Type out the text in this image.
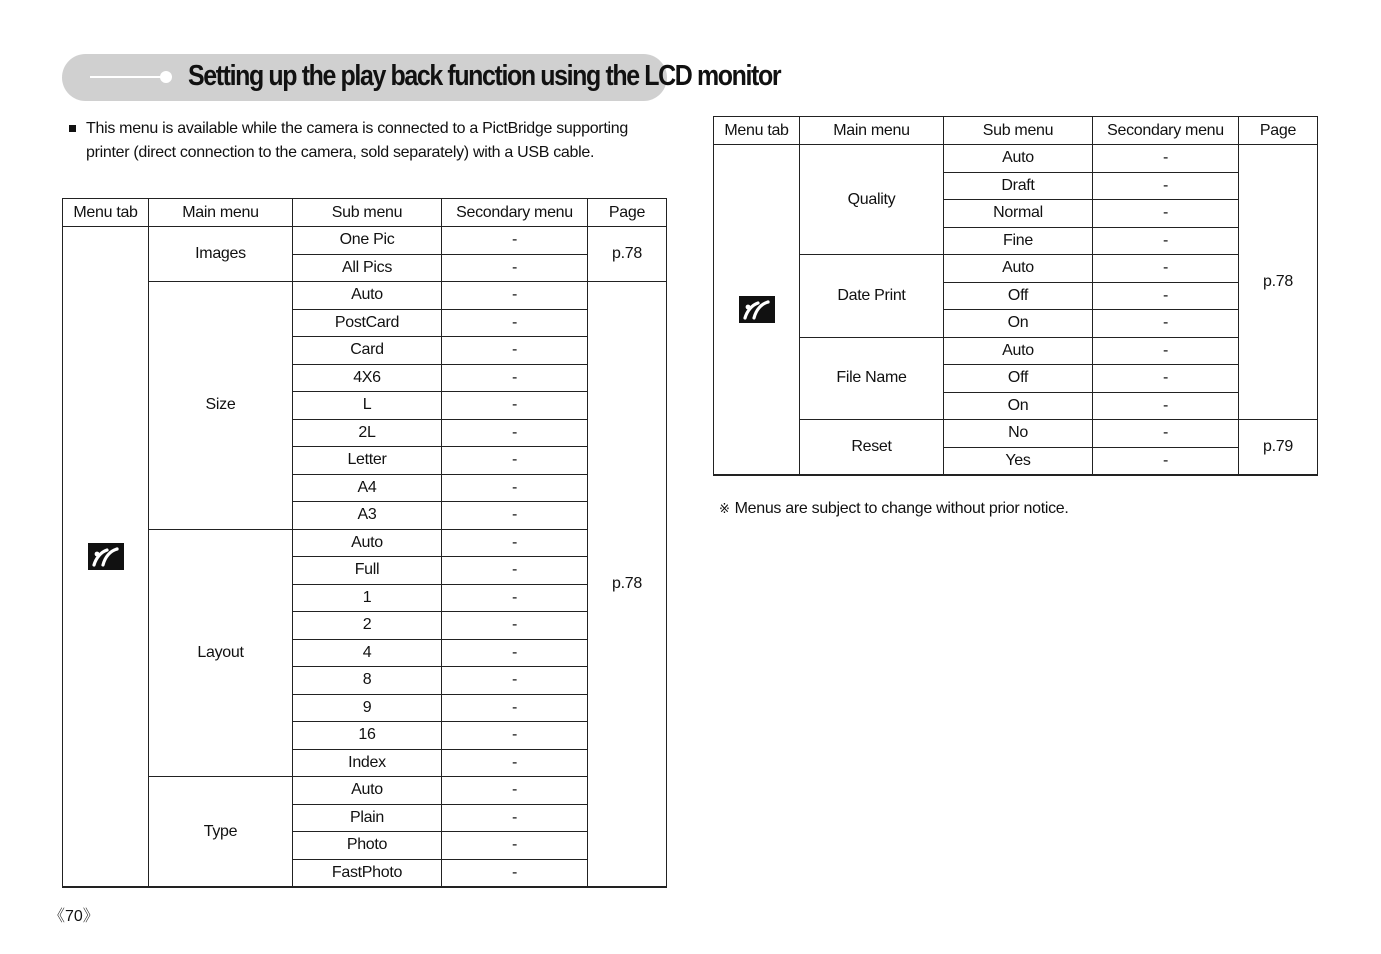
Setting up the play back function using the LCD monitor
This menu is available while the camera is connected to a PictBridge supporting printer (direct connection to the camera, sold separately) with a USB cable.
Menu tab	Main menu	Sub menu	Secondary menu	Page

	Images	One Pic	-	p.78
		All Pics	-	
	Size	Auto	-	p.78
		PostCard	-	
		Card	-	
		4X6	-	
		L	-	
		2L	-	
		Letter	-	
		A4	-	
		A3	-	
	Layout	Auto	-	
		Full	-	
		1	-	
		2	-	
		4	-	
		8	-	
		9	-	
		16	-	
		Index	-	
	Type	Auto	-	
		Plain	-	
		Photo	-	
		FastPhoto	-	
Menu tab	Main menu	Sub menu	Secondary menu	Page

	Quality	Auto	-	p.78
		Draft	-	
		Normal	-	
		Fine	-	
	Date Print	Auto	-	
		Off	-	
		On	-	
	File Name	Auto	-	
		Off	-	
		On	-	
	Reset	No	-	p.79
		Yes	-	
※ Menus are subject to change without prior notice.
《70》
